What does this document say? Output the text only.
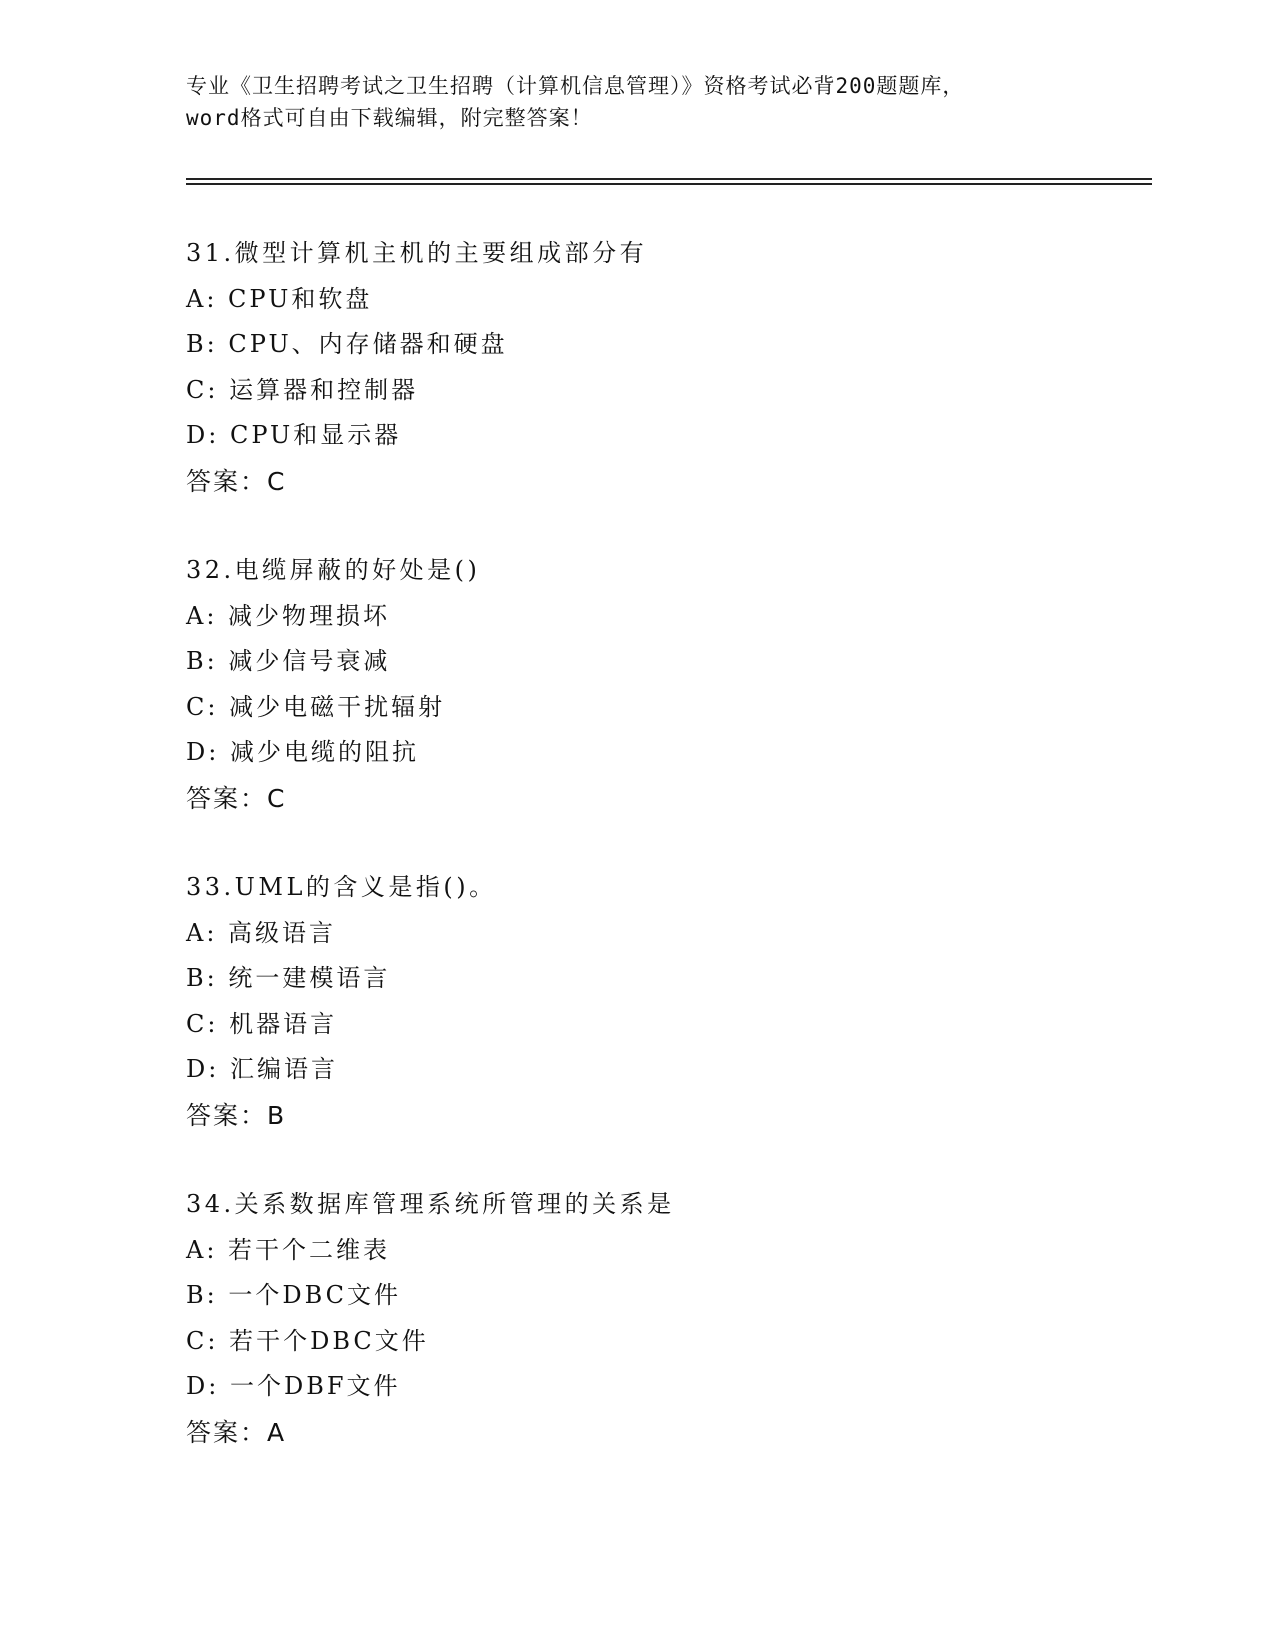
专业《卫生招聘考试之卫生招聘（计算机信息管理）》资格考试必背200题题库，
word格式可自由下载编辑，附完整答案！
31.微型计算机主机的主要组成部分有
A: CPU和软盘
B: CPU、内存储器和硬盘
C: 运算器和控制器
D: CPU和显示器
答案：C
32.电缆屏蔽的好处是()
A: 减少物理损坏
B: 减少信号衰减
C: 减少电磁干扰辐射
D: 减少电缆的阻抗
答案：C
33.UML的含义是指()。
A: 高级语言
B: 统一建模语言
C: 机器语言
D: 汇编语言
答案：B
34.关系数据库管理系统所管理的关系是
A: 若干个二维表
B: 一个DBC文件
C: 若干个DBC文件
D: 一个DBF文件
答案：A
